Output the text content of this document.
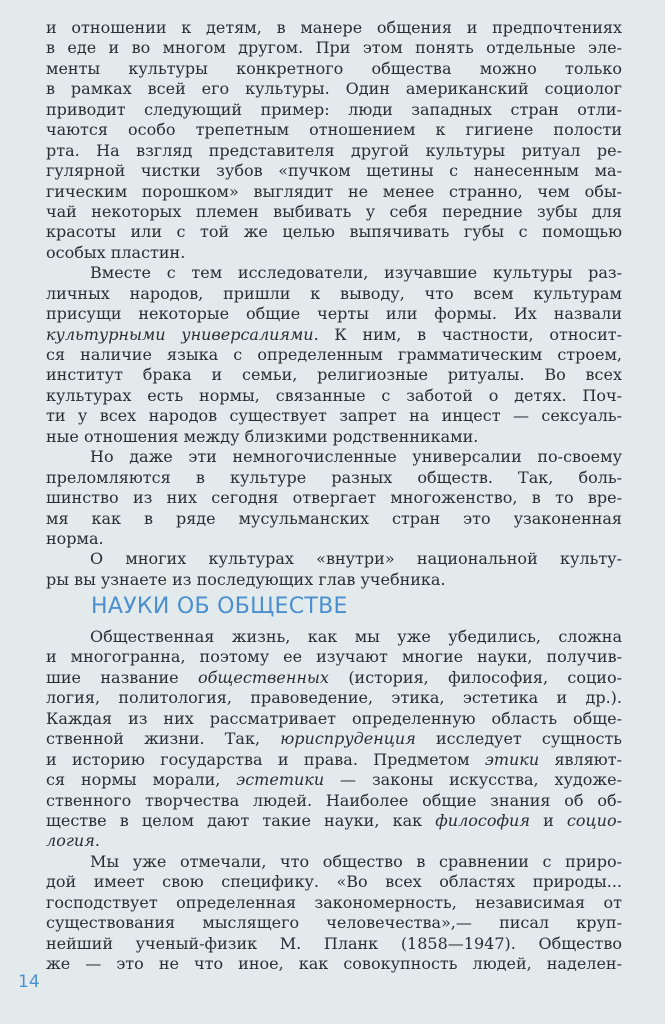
и отношении к детям, в манере общения и предпочтениях
в еде и во многом другом. При этом понять отдельные эле-
менты культуры конкретного общества можно только
в рамках всей его культуры. Один американский социолог
приводит следующий пример: люди западных стран отли-
чаются особо трепетным отношением к гигиене полости
рта. На взгляд представителя другой культуры ритуал ре-
гулярной чистки зубов «пучком щетины с нанесенным ма-
гическим порошком» выглядит не менее странно, чем обы-
чай некоторых племен выбивать у себя передние зубы для
красоты или с той же целью выпячивать губы с помощью
особых пластин.
Вместе с тем исследователи, изучавшие культуры раз-
личных народов, пришли к выводу, что всем культурам
присущи некоторые общие черты или формы. Их назвали
культурными универсалиями. К ним, в частности, относит-
ся наличие языка с определенным грамматическим строем,
институт брака и семьи, религиозные ритуалы. Во всех
культурах есть нормы, связанные с заботой о детях. Поч-
ти у всех народов существует запрет на инцест — сексуаль-
ные отношения между близкими родственниками.
Но даже эти немногочисленные универсалии по-своему
преломляются в культуре разных обществ. Так, боль-
шинство из них сегодня отвергает многоженство, в то вре-
мя как в ряде мусульманских стран это узаконенная
норма.
О многих культурах «внутри» национальной культу-
ры вы узнаете из последующих глав учебника.
НАУКИ ОБ ОБЩЕСТВЕ
Общественная жизнь, как мы уже убедились, сложна
и многогранна, поэтому ее изучают многие науки, получив-
шие название общественных (история, философия, социо-
логия, политология, правоведение, этика, эстетика и др.).
Каждая из них рассматривает определенную область обще-
ственной жизни. Так, юриспруденция исследует сущность
и историю государства и права. Предметом этики являют-
ся нормы морали, эстетики — законы искусства, художе-
ственного творчества людей. Наиболее общие знания об об-
ществе в целом дают такие науки, как философия и социо-
логия.
Мы уже отмечали, что общество в сравнении с приро-
дой имеет свою специфику. «Во всех областях природы...
господствует определенная закономерность, независимая от
существования мыслящего человечества»,— писал круп-
нейший ученый-физик М. Планк (1858—1947). Общество
же — это не что иное, как совокупность людей, наделен-
14
